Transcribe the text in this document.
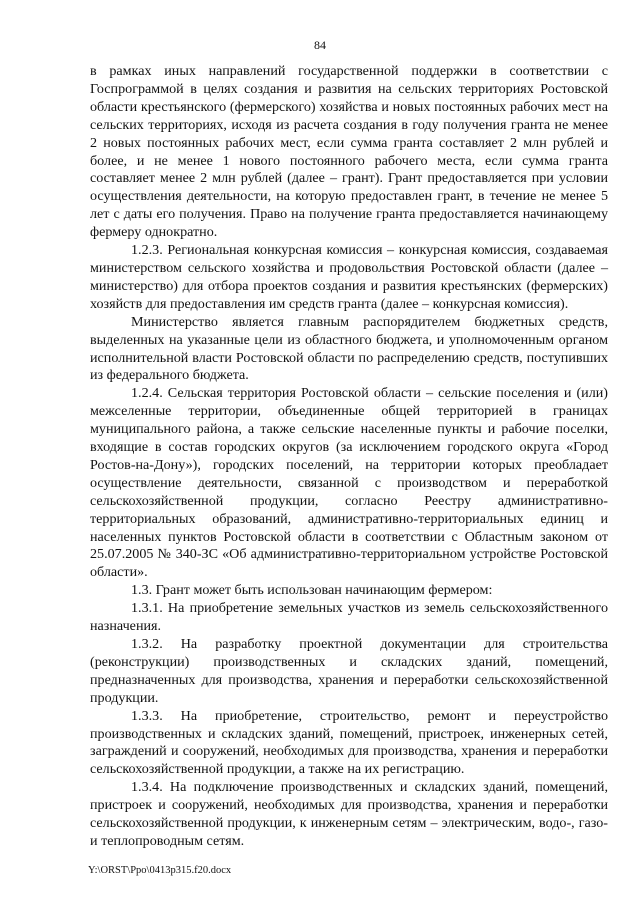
84

в рамках иных направлений государственной поддержки в соответствии с Госпрограммой в целях создания и развития на сельских территориях Ростовской области крестьянского (фермерского) хозяйства и новых постоянных рабочих мест на сельских территориях, исходя из расчета создания в году получения гранта не менее 2 новых постоянных рабочих мест, если сумма гранта составляет 2 млн рублей и более, и не менее 1 нового постоянного рабочего места, если сумма гранта составляет менее 2 млн рублей (далее – грант). Грант предоставляется при условии осуществления деятельности, на которую предоставлен грант, в течение не менее 5 лет с даты его получения. Право на получение гранта предоставляется начинающему фермеру однократно.

1.2.3. Региональная конкурсная комиссия – конкурсная комиссия, создаваемая министерством сельского хозяйства и продовольствия Ростовской области (далее – министерство) для отбора проектов создания и развития крестьянских (фермерских) хозяйств для предоставления им средств гранта (далее – конкурсная комиссия).

Министерство является главным распорядителем бюджетных средств, выделенных на указанные цели из областного бюджета, и уполномоченным органом исполнительной власти Ростовской области по распределению средств, поступивших из федерального бюджета.

1.2.4. Сельская территория Ростовской области – сельские поселения и (или) межселенные территории, объединенные общей территорией в границах муниципального района, а также сельские населенные пункты и рабочие поселки, входящие в состав городских округов (за исключением городского округа «Город Ростов-на-Дону»), городских поселений, на территории которых преобладает осуществление деятельности, связанной с производством и переработкой сельскохозяйственной продукции, согласно Реестру административно-территориальных образований, административно-территориальных единиц и населенных пунктов Ростовской области в соответствии с Областным законом от 25.07.2005 № 340-ЗС «Об административно-территориальном устройстве Ростовской области».

1.3. Грант может быть использован начинающим фермером:

1.3.1. На приобретение земельных участков из земель сельскохозяйственного назначения.

1.3.2. На разработку проектной документации для строительства (реконструкции) производственных и складских зданий, помещений, предназначенных для производства, хранения и переработки сельскохозяйственной продукции.

1.3.3. На приобретение, строительство, ремонт и переустройство производственных и складских зданий, помещений, пристроек, инженерных сетей, заграждений и сооружений, необходимых для производства, хранения и переработки сельскохозяйственной продукции, а также на их регистрацию.

1.3.4. На подключение производственных и складских зданий, помещений, пристроек и сооружений, необходимых для производства, хранения и переработки сельскохозяйственной продукции, к инженерным сетям – электрическим, водо-, газо- и теплопроводным сетям.

Y:\ORST\Ppo\0413p315.f20.docx
